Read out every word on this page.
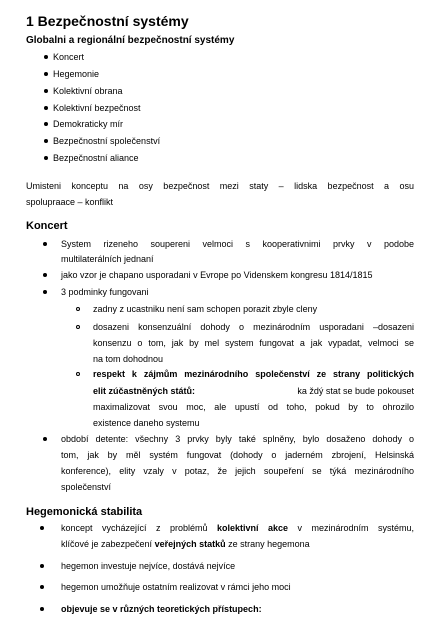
1 Bezpečnostní systémy
Globalni a regionální bezpečnostní systémy
Koncert
Hegemonie
Kolektivní obrana
Kolektivní bezpečnost
Demokraticky mír
Bezpečnostní společenství
Bezpečnostní aliance
Umisteni konceptu na osy bezpečnost mezi staty – lidska bezpečnost a osu
spolupraace – konflikt
Koncert
System rizeneho soupereni velmoci s kooperativnimi prvky v podobe
multilaterálních jednaní
jako vzor je chapano usporadani v Evrope po Videnskem kongresu 1814/1815
3 podminky fungovani
zadny z ucastniku není sam schopen porazit zbyle cleny
dosazeni konsenzuální dohody o mezinárodním usporadani –dosazeni
konsenzu o tom, jak by mel system fungovat a jak vypadat, velmoci se
na tom dohodnou
respekt k zájmům mezinárodního společenství ze strany politických
elit zúčastněných států:	ka ždý stat se bude pokouset
maximalizovat svou moc, ale upustí od toho, pokud by to ohrozilo
existence daneho systemu
období detente: všechny 3 prvky byly také splněny, bylo dosaženo dohody o
tom, jak by měl systém fungovat (dohody o jaderném zbrojení, Helsinská
konference), elity vzaly v potaz, že jejich soupeření se týká mezinárodního
společenství
Hegemonická stabilita
koncept vycházející z problémů kolektivní akce v mezinárodním systému,
klíčové je zabezpečení veřejných statků ze strany hegemona
hegemon investuje nejvíce, dostává nejvíce
hegemon umožňuje ostatním realizovat v rámci jeho moci
objevuje se v různých teoretických přístupech:
